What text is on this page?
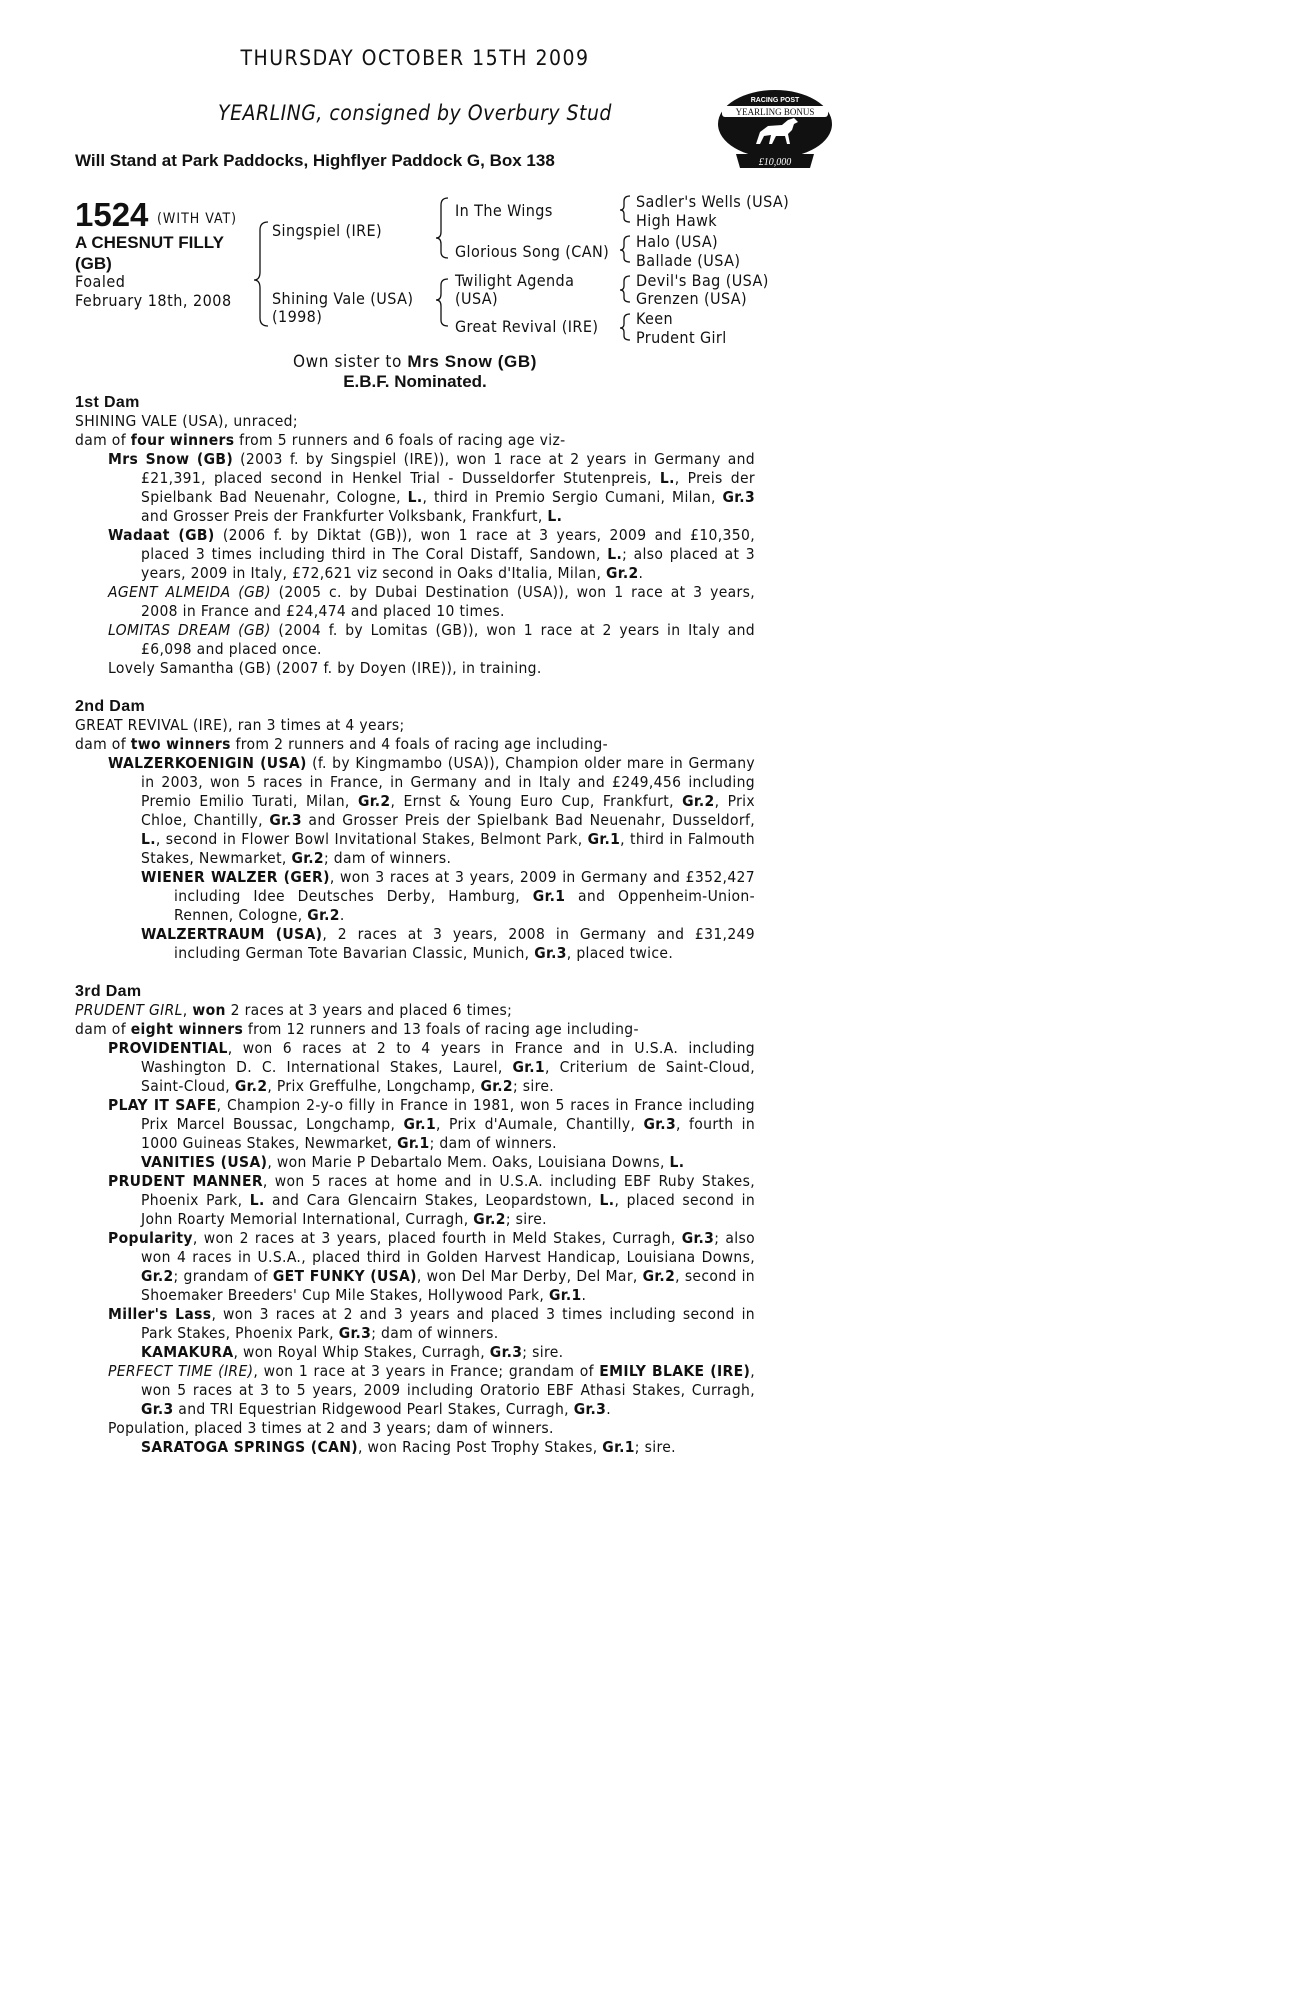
THURSDAY OCTOBER 15TH 2009
YEARLING, consigned by Overbury Stud
Will Stand at Park Paddocks, Highflyer Paddock G, Box 138
RACING POST
YEARLING BONUS
£10,000
1524 (WITH VAT)
A CHESNUT FILLY (GB)
Foaled
February 18th, 2008
Singspiel (IRE)
Shining Vale (USA)
(1998)
In The Wings
Glorious Song (CAN)
Twilight Agenda
(USA)
Great Revival (IRE)
Sadler's Wells (USA)
High Hawk
Halo (USA)
Ballade (USA)
Devil's Bag (USA)
Grenzen (USA)
Keen
Prudent Girl
Own sister to Mrs Snow (GB)
E.B.F. Nominated.

1st Dam

SHINING VALE (USA), unraced;

dam of four winners from 5 runners and 6 foals of racing age viz-

Mrs Snow (GB) (2003 f. by Singspiel (IRE)), won 1 race at 2 years in Germany and £21,391, placed second in Henkel Trial - Dusseldorfer Stutenpreis, L., Preis der Spielbank Bad Neuenahr, Cologne, L., third in Premio Sergio Cumani, Milan, Gr.3 and Grosser Preis der Frankfurter Volksbank, Frankfurt, L.

Wadaat (GB) (2006 f. by Diktat (GB)), won 1 race at 3 years, 2009 and £10,350, placed 3 times including third in The Coral Distaff, Sandown, L.; also placed at 3 years, 2009 in Italy, £72,621 viz second in Oaks d'Italia, Milan, Gr.2.

AGENT ALMEIDA (GB) (2005 c. by Dubai Destination (USA)), won 1 race at 3 years, 2008 in France and £24,474 and placed 10 times.

LOMITAS DREAM (GB) (2004 f. by Lomitas (GB)), won 1 race at 2 years in Italy and £6,098 and placed once.

Lovely Samantha (GB) (2007 f. by Doyen (IRE)), in training.

2nd Dam

GREAT REVIVAL (IRE), ran 3 times at 4 years;

dam of two winners from 2 runners and 4 foals of racing age including-

WALZERKOENIGIN (USA) (f. by Kingmambo (USA)), Champion older mare in Germany in 2003, won 5 races in France, in Germany and in Italy and £249,456 including Premio Emilio Turati, Milan, Gr.2, Ernst & Young Euro Cup, Frankfurt, Gr.2, Prix Chloe, Chantilly, Gr.3 and Grosser Preis der Spielbank Bad Neuenahr, Dusseldorf, L., second in Flower Bowl Invitational Stakes, Belmont Park, Gr.1, third in Falmouth Stakes, Newmarket, Gr.2; dam of winners.

WIENER WALZER (GER), won 3 races at 3 years, 2009 in Germany and £352,427 including Idee Deutsches Derby, Hamburg, Gr.1 and Oppenheim-Union-Rennen, Cologne, Gr.2.

WALZERTRAUM (USA), 2 races at 3 years, 2008 in Germany and £31,249 including German Tote Bavarian Classic, Munich, Gr.3, placed twice.

3rd Dam

PRUDENT GIRL, won 2 races at 3 years and placed 6 times;

dam of eight winners from 12 runners and 13 foals of racing age including-

PROVIDENTIAL, won 6 races at 2 to 4 years in France and in U.S.A. including Washington D. C. International Stakes, Laurel, Gr.1, Criterium de Saint-Cloud, Saint-Cloud, Gr.2, Prix Greffulhe, Longchamp, Gr.2; sire.

PLAY IT SAFE, Champion 2-y-o filly in France in 1981, won 5 races in France including Prix Marcel Boussac, Longchamp, Gr.1, Prix d'Aumale, Chantilly, Gr.3, fourth in 1000 Guineas Stakes, Newmarket, Gr.1; dam of winners.

VANITIES (USA), won Marie P Debartalo Mem. Oaks, Louisiana Downs, L.

PRUDENT MANNER, won 5 races at home and in U.S.A. including EBF Ruby Stakes, Phoenix Park, L. and Cara Glencairn Stakes, Leopardstown, L., placed second in John Roarty Memorial International, Curragh, Gr.2; sire.

Popularity, won 2 races at 3 years, placed fourth in Meld Stakes, Curragh, Gr.3; also won 4 races in U.S.A., placed third in Golden Harvest Handicap, Louisiana Downs, Gr.2; grandam of GET FUNKY (USA), won Del Mar Derby, Del Mar, Gr.2, second in Shoemaker Breeders' Cup Mile Stakes, Hollywood Park, Gr.1.

Miller's Lass, won 3 races at 2 and 3 years and placed 3 times including second in Park Stakes, Phoenix Park, Gr.3; dam of winners.

KAMAKURA, won Royal Whip Stakes, Curragh, Gr.3; sire.

PERFECT TIME (IRE), won 1 race at 3 years in France; grandam of EMILY BLAKE (IRE), won 5 races at 3 to 5 years, 2009 including Oratorio EBF Athasi Stakes, Curragh, Gr.3 and TRI Equestrian Ridgewood Pearl Stakes, Curragh, Gr.3.

Population, placed 3 times at 2 and 3 years; dam of winners.

SARATOGA SPRINGS (CAN), won Racing Post Trophy Stakes, Gr.1; sire.
